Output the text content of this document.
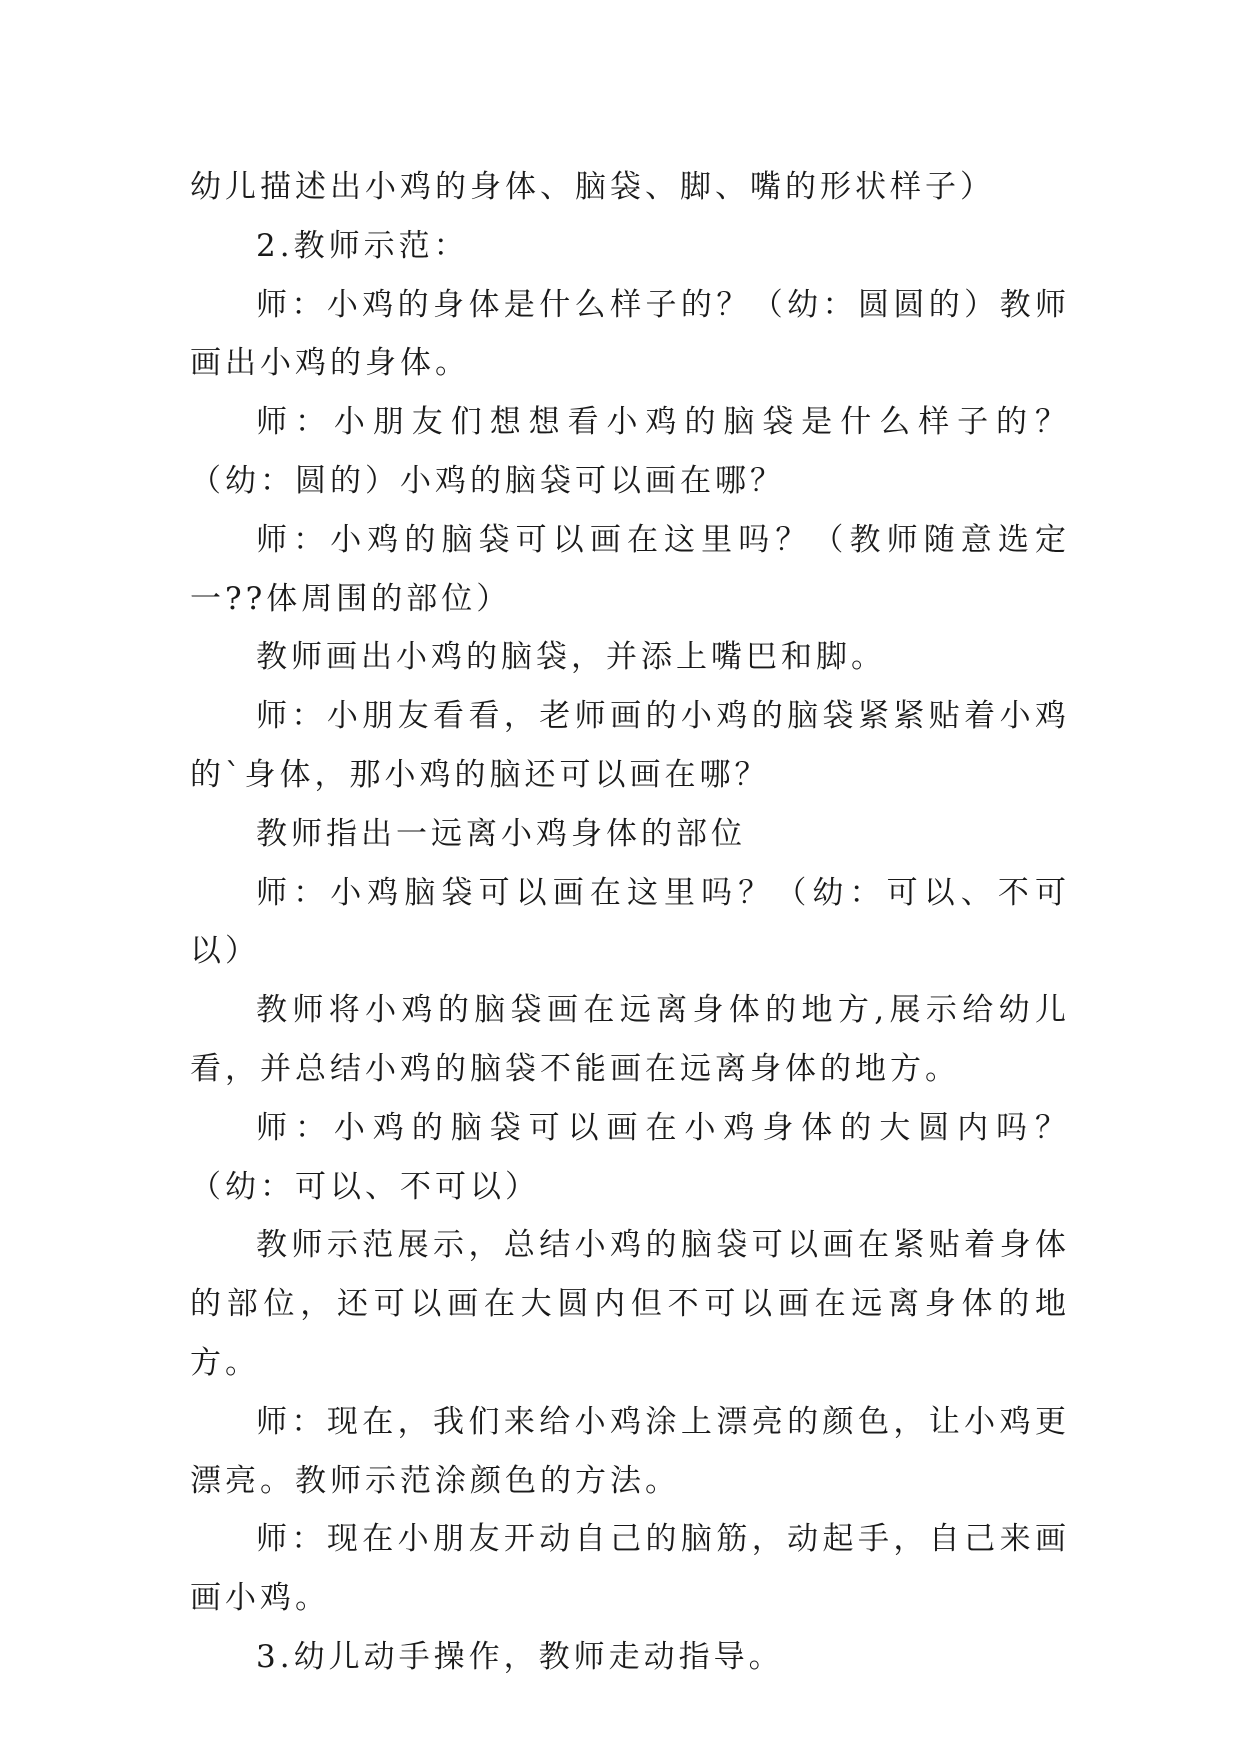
幼儿描述出小鸡的身体、脑袋、脚、嘴的形状样子）

2.教师示范：

师：小鸡的身体是什么样子的？（幼：圆圆的）教师画出小鸡的身体。

师：小朋友们想想看小鸡的脑袋是什么样子的？（幼：圆的）小鸡的脑袋可以画在哪？

师：小鸡的脑袋可以画在这里吗？（教师随意选定一??体周围的部位）

教师画出小鸡的脑袋，并添上嘴巴和脚。

师：小朋友看看，老师画的小鸡的脑袋紧紧贴着小鸡的`身体，那小鸡的脑还可以画在哪？

教师指出一远离小鸡身体的部位

师：小鸡脑袋可以画在这里吗？（幼：可以、不可以）

教师将小鸡的脑袋画在远离身体的地方,展示给幼儿看，并总结小鸡的脑袋不能画在远离身体的地方。

师：小鸡的脑袋可以画在小鸡身体的大圆内吗？（幼：可以、不可以）

教师示范展示，总结小鸡的脑袋可以画在紧贴着身体的部位，还可以画在大圆内但不可以画在远离身体的地方。

师：现在，我们来给小鸡涂上漂亮的颜色，让小鸡更漂亮。教师示范涂颜色的方法。

师：现在小朋友开动自己的脑筋，动起手，自己来画画小鸡。

3.幼儿动手操作，教师走动指导。
